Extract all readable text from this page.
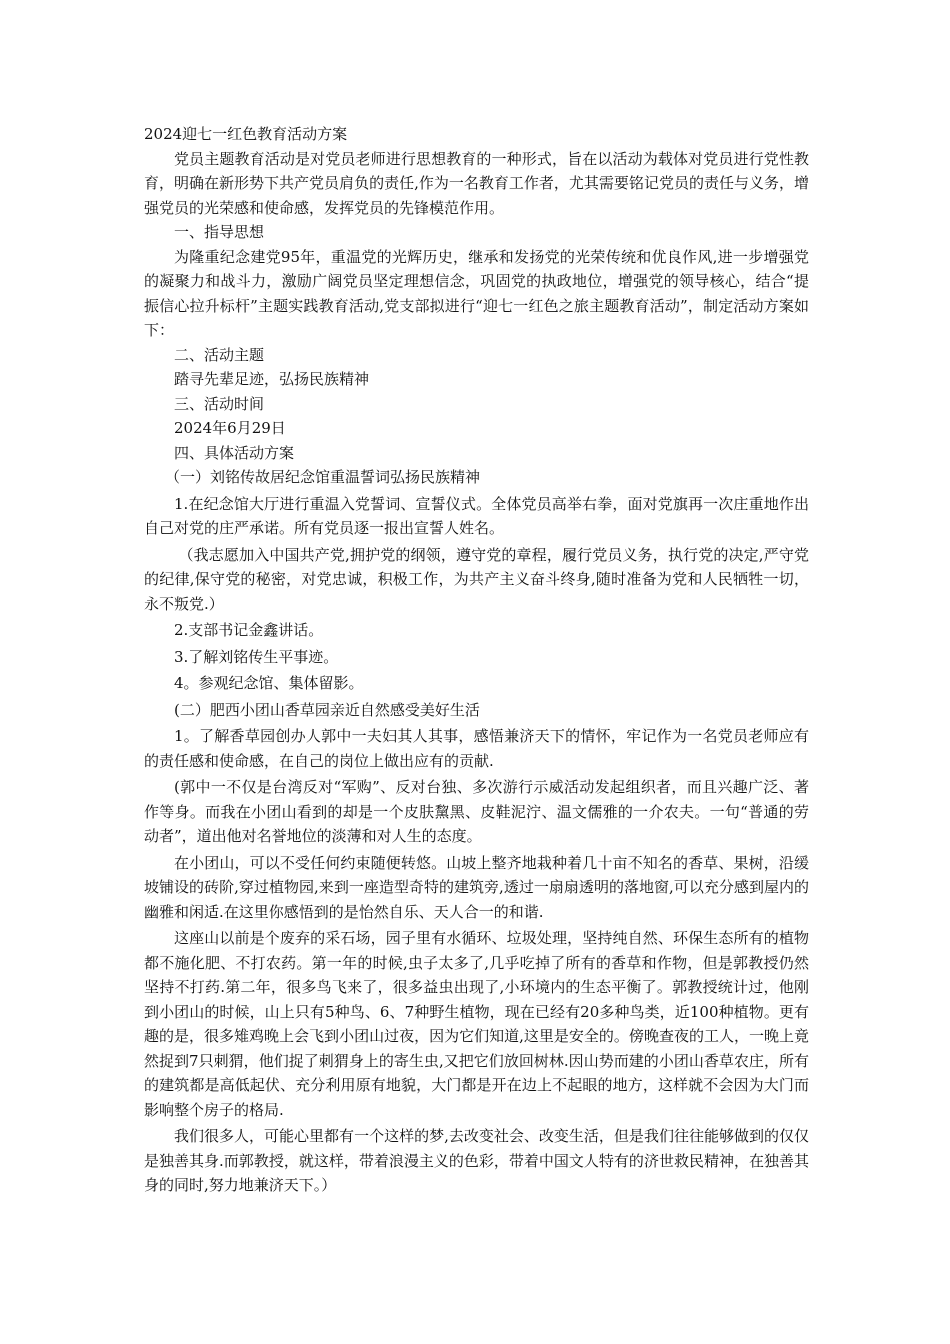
2024迎七一红色教育活动方案

党员主题教育活动是对党员老师进行思想教育的一种形式，旨在以活动为载体对党员进行党性教育，明确在新形势下共产党员肩负的责任,作为一名教育工作者，尤其需要铭记党员的责任与义务，增强党员的光荣感和使命感，发挥党员的先锋模范作用。

一、指导思想

为隆重纪念建党95年，重温党的光辉历史，继承和发扬党的光荣传统和优良作风,进一步增强党的凝聚力和战斗力，激励广阔党员坚定理想信念，巩固党的执政地位，增强党的领导核心，结合“提振信心拉升标杆”主题实践教育活动,党支部拟进行“迎七一红色之旅主题教育活动”，制定活动方案如下：

二、活动主题

踏寻先辈足迹，弘扬民族精神

三、活动时间

2024年6月29日

四、具体活动方案

（一）刘铭传故居纪念馆重温誓词弘扬民族精神

1.在纪念馆大厅进行重温入党誓词、宣誓仪式。全体党员高举右拳，面对党旗再一次庄重地作出自己对党的庄严承诺。所有党员逐一报出宣誓人姓名。

（我志愿加入中国共产党,拥护党的纲领，遵守党的章程，履行党员义务，执行党的决定,严守党的纪律,保守党的秘密，对党忠诚，积极工作，为共产主义奋斗终身,随时准备为党和人民牺牲一切，永不叛党.）

2.支部书记金鑫讲话。

3.了解刘铭传生平事迹。

4。参观纪念馆、集体留影。

(二）肥西小团山香草园亲近自然感受美好生活

1。了解香草园创办人郭中一夫妇其人其事，感悟兼济天下的情怀，牢记作为一名党员老师应有的责任感和使命感，在自己的岗位上做出应有的贡献.

(郭中一不仅是台湾反对“军购”、反对台独、多次游行示威活动发起组织者，而且兴趣广泛、著作等身。而我在小团山看到的却是一个皮肤黧黑、皮鞋泥泞、温文儒雅的一介农夫。一句“普通的劳动者”，道出他对名誉地位的淡薄和对人生的态度。

在小团山，可以不受任何约束随便转悠。山坡上整齐地栽种着几十亩不知名的香草、果树，沿缓坡铺设的砖阶,穿过植物园,来到一座造型奇特的建筑旁,透过一扇扇透明的落地窗,可以充分感到屋内的幽雅和闲适.在这里你感悟到的是怡然自乐、天人合一的和谐.

这座山以前是个废弃的采石场，园子里有水循环、垃圾处理，坚持纯自然、环保生态所有的植物都不施化肥、不打农药。第一年的时候,虫子太多了,几乎吃掉了所有的香草和作物，但是郭教授仍然坚持不打药.第二年，很多鸟飞来了，很多益虫出现了,小环境内的生态平衡了。郭教授统计过，他刚到小团山的时候，山上只有5种鸟、6、7种野生植物，现在已经有20多种鸟类，近100种植物。更有趣的是，很多雉鸡晚上会飞到小团山过夜，因为它们知道,这里是安全的。傍晚查夜的工人，一晚上竟然捉到7只刺猬，他们捉了刺猬身上的寄生虫,又把它们放回树林.因山势而建的小团山香草农庄，所有的建筑都是高低起伏、充分利用原有地貌，大门都是开在边上不起眼的地方，这样就不会因为大门而影响整个房子的格局.

我们很多人，可能心里都有一个这样的梦,去改变社会、改变生活，但是我们往往能够做到的仅仅是独善其身.而郭教授，就这样，带着浪漫主义的色彩，带着中国文人特有的济世救民精神，在独善其身的同时,努力地兼济天下。）
